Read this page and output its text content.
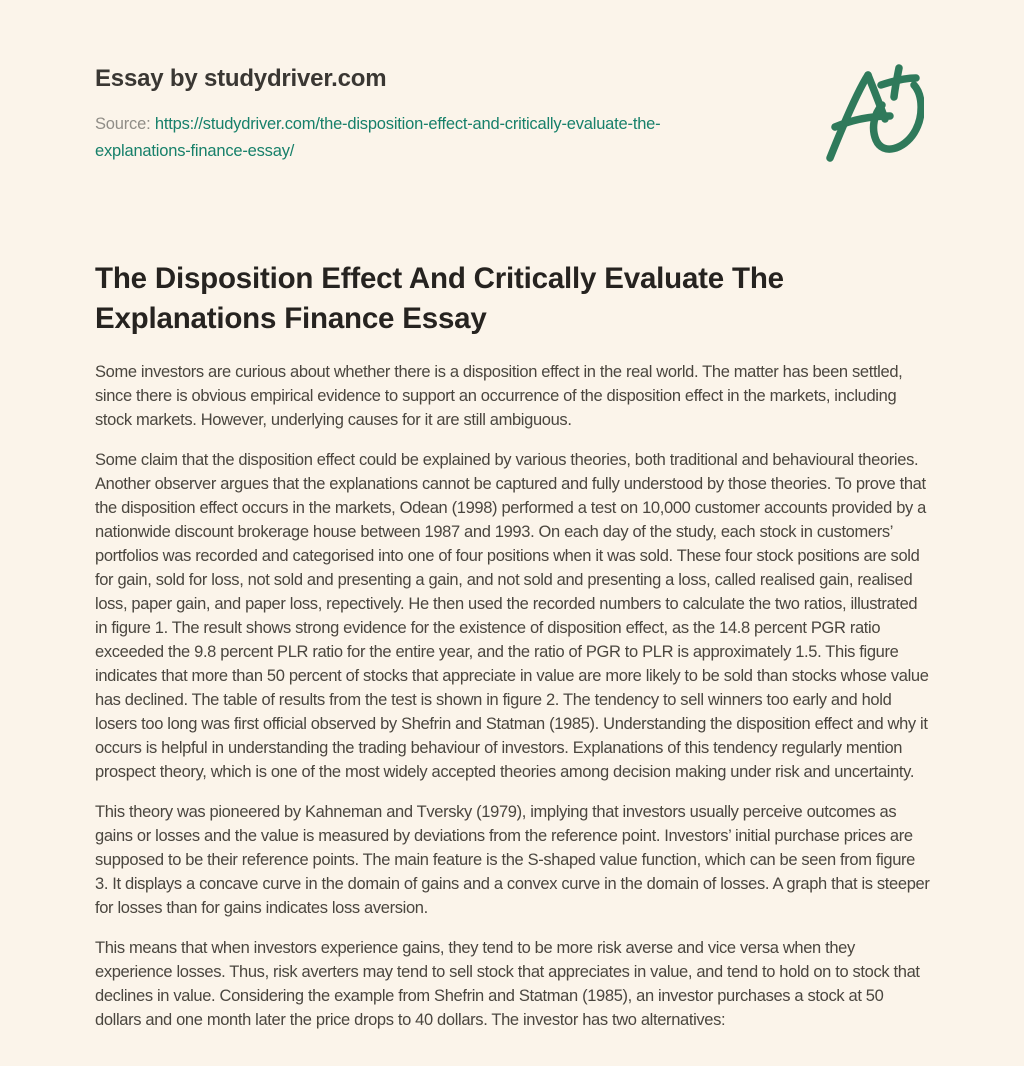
Essay by studydriver.com

Source: https://studydriver.com/the-disposition-effect-and-critically-evaluate-the-
explanations-finance-essay/

The Disposition Effect And Critically Evaluate The Explanations Finance Essay

Some investors are curious about whether there is a disposition effect in the real world. The matter has been settled, since there is obvious empirical evidence to support an occurrence of the disposition effect in the markets, including stock markets. However, underlying causes for it are still ambiguous.

Some claim that the disposition effect could be explained by various theories, both traditional and behavioural theories. Another observer argues that the explanations cannot be captured and fully understood by those theories. To prove that the disposition effect occurs in the markets, Odean (1998) performed a test on 10,000 customer accounts provided by a nationwide discount brokerage house between 1987 and 1993. On each day of the study, each stock in customers’ portfolios was recorded and categorised into one of four positions when it was sold. These four stock positions are sold for gain, sold for loss, not sold and presenting a gain, and not sold and presenting a loss, called realised gain, realised loss, paper gain, and paper loss, repectively. He then used the recorded numbers to calculate the two ratios, illustrated in figure 1. The result shows strong evidence for the existence of disposition effect, as the 14.8 percent PGR ratio exceeded the 9.8 percent PLR ratio for the entire year, and the ratio of PGR to PLR is approximately 1.5. This figure indicates that more than 50 percent of stocks that appreciate in value are more likely to be sold than stocks whose value has declined. The table of results from the test is shown in figure 2. The tendency to sell winners too early and hold losers too long was first official observed by Shefrin and Statman (1985). Understanding the disposition effect and why it occurs is helpful in understanding the trading behaviour of investors. Explanations of this tendency regularly mention prospect theory, which is one of the most widely accepted theories among decision making under risk and uncertainty.

This theory was pioneered by Kahneman and Tversky (1979), implying that investors usually perceive outcomes as gains or losses and the value is measured by deviations from the reference point. Investors’ initial purchase prices are supposed to be their reference points. The main feature is the S-shaped value function, which can be seen from figure 3. It displays a concave curve in the domain of gains and a convex curve in the domain of losses. A graph that is steeper for losses than for gains indicates loss aversion.

This means that when investors experience gains, they tend to be more risk averse and vice versa when they experience losses. Thus, risk averters may tend to sell stock that appreciates in value, and tend to hold on to stock that declines in value. Considering the example from Shefrin and Statman (1985), an investor purchases a stock at 50 dollars and one month later the price drops to 40 dollars. The investor has two alternatives:
